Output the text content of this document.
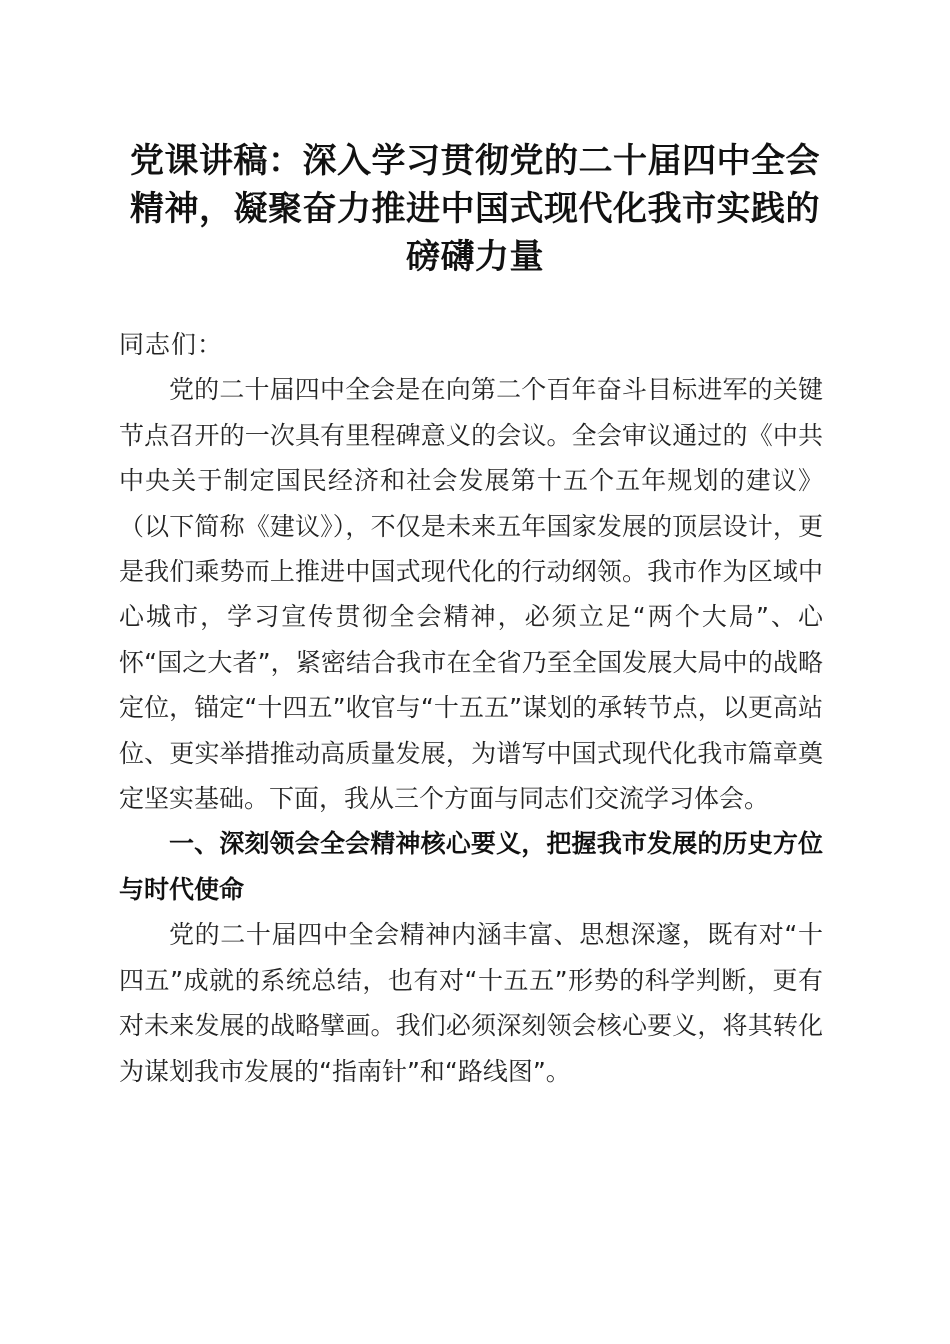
党课讲稿：深入学习贯彻党的二十届四中全会精神，凝聚奋力推进中国式现代化我市实践的磅礴力量

同志们：

党的二十届四中全会是在向第二个百年奋斗目标进军的关键节点召开的一次具有里程碑意义的会议。全会审议通过的《中共中央关于制定国民经济和社会发展第十五个五年规划的建议》（以下简称《建议》），不仅是未来五年国家发展的顶层设计，更是我们乘势而上推进中国式现代化的行动纲领。我市作为区域中心城市，学习宣传贯彻全会精神，必须立足“两个大局”、心怀“国之大者”，紧密结合我市在全省乃至全国发展大局中的战略定位，锚定“十四五”收官与“十五五”谋划的承转节点，以更高站位、更实举措推动高质量发展，为谱写中国式现代化我市篇章奠定坚实基础。下面，我从三个方面与同志们交流学习体会。

一、深刻领会全会精神核心要义，把握我市发展的历史方位与时代使命

党的二十届四中全会精神内涵丰富、思想深邃，既有对“十四五”成就的系统总结，也有对“十五五”形势的科学判断，更有对未来发展的战略擘画。我们必须深刻领会核心要义，将其转化为谋划我市发展的“指南针”和“路线图”。
